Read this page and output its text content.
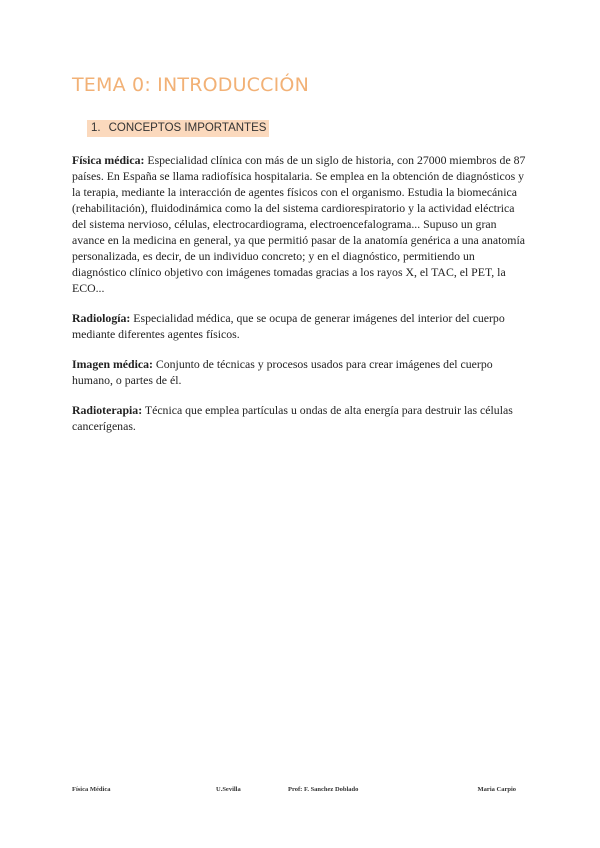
TEMA 0: INTRODUCCIÓN
1. CONCEPTOS IMPORTANTES

Física médica: Especialidad clínica con más de un siglo de historia, con 27000 miembros de 87 países. En España se llama radiofísica hospitalaria. Se emplea en la obtención de diagnósticos y la terapia, mediante la interacción de agentes físicos con el organismo. Estudia la biomecánica (rehabilitación), fluidodinámica como la del sistema cardiorespiratorio y la actividad eléctrica del sistema nervioso, células, electrocardiograma, electroencefalograma... Supuso un gran avance en la medicina en general, ya que permitió pasar de la anatomía genérica a una anatomía personalizada, es decir, de un individuo concreto; y en el diagnóstico, permitiendo un diagnóstico clínico objetivo con imágenes tomadas gracias a los rayos X, el TAC, el PET, la ECO...

Radiología: Especialidad médica, que se ocupa de generar imágenes del interior del cuerpo mediante diferentes agentes físicos.

Imagen médica: Conjunto de técnicas y procesos usados para crear imágenes del cuerpo humano, o partes de él.

Radioterapia: Técnica que emplea partículas u ondas de alta energía para destruir las células cancerígenas.

Física Médica	U.Sevilla	Prof: F. Sanchez Doblado	Maria Carpio
